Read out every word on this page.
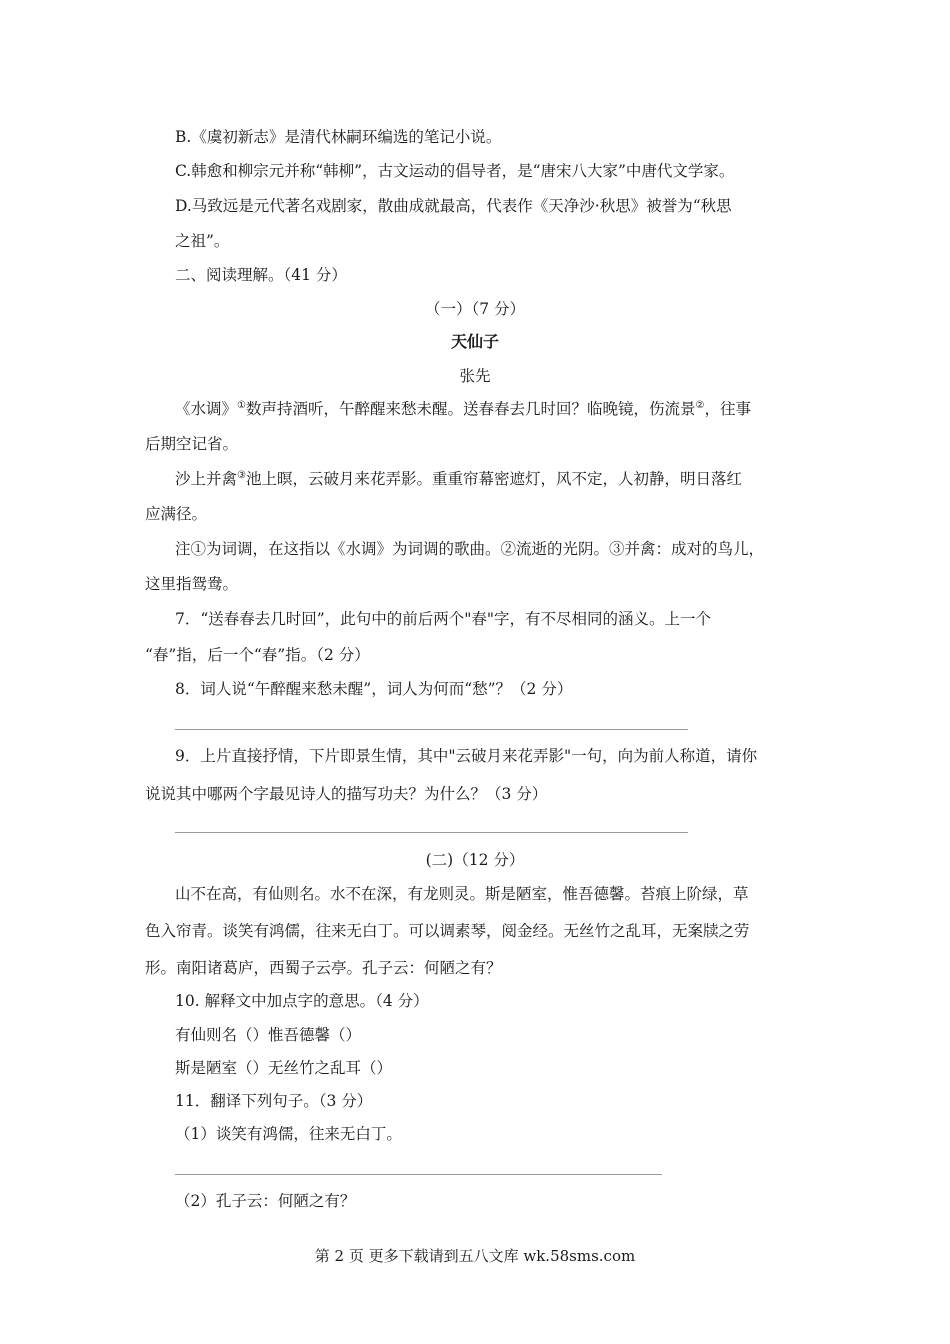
B.《虞初新志》是清代林嗣环编选的笔记小说。
C.韩愈和柳宗元并称“韩柳”，古文运动的倡导者，是“唐宋八大家”中唐代文学家。
D.马致远是元代著名戏剧家，散曲成就最高，代表作《天净沙·秋思》被誉为“秋思
之祖”。
二、阅读理解。（41 分）
（一）（7 分）
天仙子
张先
《水调》①数声持酒听，午醉醒来愁未醒。送春春去几时回？临晚镜，伤流景②，往事
后期空记省。
沙上并禽③池上暝，云破月来花弄影。重重帘幕密遮灯，风不定，人初静，明日落红
应满径。
注①为词调，在这指以《水调》为词调的歌曲。②流逝的光阴。③并禽：成对的鸟儿，
这里指鸳鸯。
7．“送春春去几时回”，此句中的前后两个"春"字，有不尽相同的涵义。上一个
“春”指，后一个“春”指。（2 分）
8．词人说“午醉醒来愁未醒”，词人为何而“愁”？（2 分）
9．上片直接抒情，下片即景生情，其中"云破月来花弄影"一句，向为前人称道，请你
说说其中哪两个字最见诗人的描写功夫？为什么？（3 分）
(二)（12 分）
山不在高，有仙则名。水不在深，有龙则灵。斯是陋室，惟吾德馨。苔痕上阶绿，草
色入帘青。谈笑有鸿儒，往来无白丁。可以调素琴，阅金经。无丝竹之乱耳，无案牍之劳
形。南阳诸葛庐，西蜀子云亭。孔子云：何陋之有？
10. 解释文中加点字的意思。（4 分）
有仙则名（）惟吾德馨（）
斯是陋室（）无丝竹之乱耳（）
11．翻译下列句子。（3 分）
（1）谈笑有鸿儒，往来无白丁。
（2）孔子云：何陋之有？
第 2 页 更多下载请到五八文库 wk.58sms.com
